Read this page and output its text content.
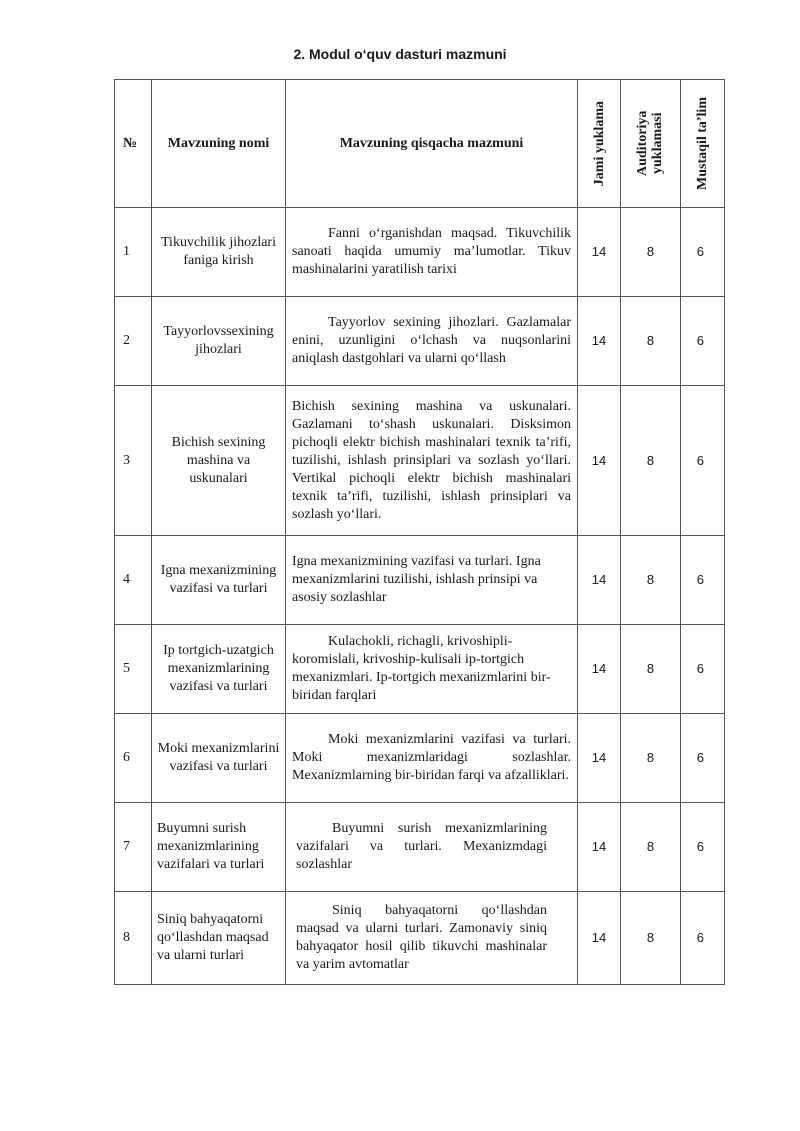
2. Modul o‘quv dasturi mazmuni
№	Mavzuning nomi	Mavzuning qisqacha mazmuni	Jami yuklama	Auditoriya yuklamasi	Mustaqil ta’lim

1	Tikuvchilik jihozlari faniga kirish	Fanni o‘rganishdan maqsad. Tikuvchilik sanoati haqida umumiy ma’lumotlar. Tikuv mashinalarini yaratilish tarixi	14	8	6
2	Tayyorlovssexining jihozlari	Tayyorlov sexining jihozlari. Gazlamalar enini, uzunligini o‘lchash va nuqsonlarini aniqlash dastgohlari va ularni qo‘llash	14	8	6
3	Bichish sexining mashina va uskunalari	Bichish sexining mashina va uskunalari. Gazlamani to‘shash uskunalari. Disksimon pichoqli elektr bichish mashinalari texnik ta’rifi, tuzilishi, ishlash prinsiplari va sozlash yo‘llari. Vertikal pichoqli elektr bichish mashinalari texnik ta’rifi, tuzilishi, ishlash prinsiplari va sozlash yo‘llari.	14	8	6
4	Igna mexanizmining vazifasi va turlari	Igna mexanizmining vazifasi va turlari. Igna mexanizmlarini tuzilishi, ishlash prinsipi va asosiy sozlashlar	14	8	6
5	Ip tortgich-uzatgich mexanizmlarining vazifasi va turlari	Kulachokli, richagli, krivoshipli-koromislali, krivoship-kulisali ip-tortgich mexanizmlari. Ip-tortgich mexanizmlarini bir-biridan farqlari	14	8	6
6	Moki mexanizmlarini vazifasi va turlari	Moki mexanizmlarini vazifasi va turlari. Moki mexanizmlaridagi sozlashlar. Mexanizmlarning bir-biridan farqi va afzalliklari.	14	8	6
7	Buyumni surish mexanizmlarining vazifalari va turlari	Buyumni surish mexanizmlarining vazifalari va turlari. Mexanizmdagi sozlashlar	14	8	6
8	Siniq bahyaqatorni qo‘llashdan maqsad va ularni turlari	Siniq bahyaqatorni qo‘llashdan maqsad va ularni turlari. Zamonaviy siniq bahyaqator hosil qilib tikuvchi mashinalar va yarim avtomatlar	14	8	6
